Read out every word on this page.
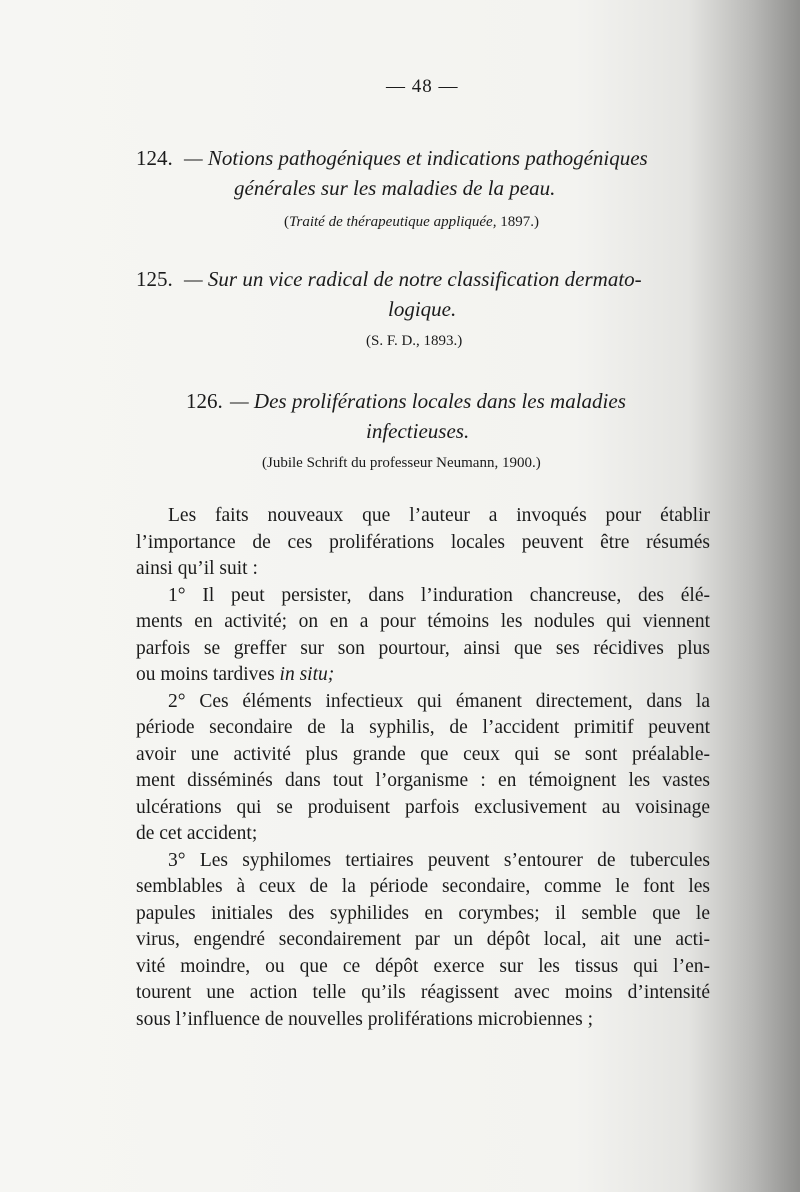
— 48 —
124. — Notions pathogéniques et indications pathogéniques
générales sur les maladies de la peau.
(Traité de thérapeutique appliquée, 1897.)
125. — Sur un vice radical de notre classification dermato-
logique.
(S. F. D., 1893.)
126. — Des proliférations locales dans les maladies
infectieuses.
(Jubile Schrift du professeur Neumann, 1900.)
Les faits nouveaux que l’auteur a invoqués pour établir
l’importance de ces proliférations locales peuvent être résumés
ainsi qu’il suit :
1° Il peut persister, dans l’induration chancreuse, des élé-
ments en activité; on en a pour témoins les nodules qui viennent
parfois se greffer sur son pourtour, ainsi que ses récidives plus
ou moins tardives in situ;
2° Ces éléments infectieux qui émanent directement, dans la
période secondaire de la syphilis, de l’accident primitif peuvent
avoir une activité plus grande que ceux qui se sont préalable-
ment disséminés dans tout l’organisme : en témoignent les vastes
ulcérations qui se produisent parfois exclusivement au voisinage
de cet accident;
3° Les syphilomes tertiaires peuvent s’entourer de tubercules
semblables à ceux de la période secondaire, comme le font les
papules initiales des syphilides en corymbes; il semble que le
virus, engendré secondairement par un dépôt local, ait une acti-
vité moindre, ou que ce dépôt exerce sur les tissus qui l’en-
tourent une action telle qu’ils réagissent avec moins d’intensité
sous l’influence de nouvelles proliférations microbiennes ;
